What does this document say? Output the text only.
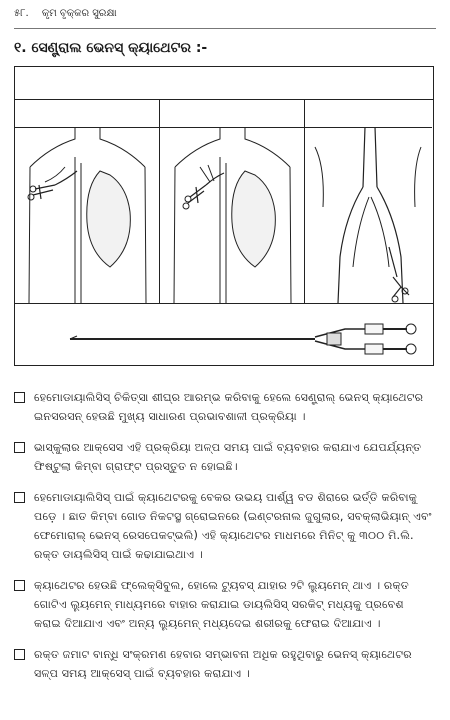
୫୮. କୃମ ବୃକ୍କର ସୁରକ୍ଷା
୧. ସେଣ୍ଟ୍ରାଲ ଭେନସ୍ କ୍ୟାଥେଟର :-
ହେମୋଡାୟାଲିସିସ୍ ଚିକିତ୍ସା ଶୀଘ୍ର ଆରମ୍ଭ କରିବାକୁ ହେଲେ ସେଣ୍ଟ୍ରାଲ୍ ଭେନସ୍ କ୍ୟାଥେଟର ଇନସରସନ୍ ହେଉଛି ମୁଖ୍ୟ ସାଧାରଣ ପ୍ରଭାବଶାଳୀ ପ୍ରକ୍ରିୟା ।
ଭାସ୍କୁଲାର ଆକ୍ସେସ ଏହି ପ୍ରକ୍ରିୟା ଅଳ୍ପ ସମୟ ପାଇଁ ବ୍ୟବହାର କରାଯାଏ ଯେପର୍ଯ୍ୟନ୍ତ ଫିଷ୍ଟୁଲା କିମ୍ବା ଗ୍ରାଫ୍ଟ ପ୍ରସ୍ତୁତ ନ ହୋଇଛି।
ହେମୋଡାୟାଲିସିସ୍ ପାଇଁ କ୍ୟାଥେଟରକୁ ବେକର ଉଭୟ ପାର୍ଶ୍ୱ ବଡ ଶିରାରେ ଭର୍ତ୍ତି କରିବାକୁ ପଡ଼େ । ଛାତ କିମ୍ବା ଗୋଡ ନିକଟସ୍ଥ ଗ୍ରୋଇନରେ (ଇଣ୍ଟରନାଲ ଜୁଗୁଲାର, ସବକ୍ଲାଭିୟାନ୍ ଏବଂ ଫେମୋରାଲ୍ ଭେନସ୍ ରେସପେକଟ୍ଭଲି) ଏହି କ୍ୟାଥେଟର ମାଧମରେ ମିନିଟ୍ କୁ ୩୦୦ ମି.ଲି. ରକ୍ତ ଡାୟଲିସିସ୍ ପାଇଁ କଢାଯାଇଥାଏ ।
କ୍ୟାଥେଟର ହେଉଛି ଫ୍ଲେକ୍ସିବୁଲ, ହୋଲେ ଟ୍ୟୁବସ୍ ଯାହାର ୨ଟି ଲ୍ୟୁମେନ୍ ଥାଏ । ରକ୍ତ ଗୋଟିଏ ଲ୍ୟୁମେନ୍ ମାଧ୍ୟମରେ ବାହାର କରାଯାଇ ଡାୟଲିସିସ୍ ସରକିଟ୍ ମଧ୍ୟକୁ ପ୍ରବେଶ କରାଇ ଦିଆଯାଏ ଏବଂ ଅନ୍ୟ ଲ୍ୟୁମେନ୍ ମଧ୍ୟଦେଇ ଶରୀରକୁ ଫେରାଇ ଦିଆଯାଏ ।
ରକ୍ତ ଜମାଟ ବାନ୍ଧି ସଂକ୍ରମଣ ହେବାର ସମ୍ଭାବନା ଅଧିକ ରହୁଥିବାରୁ ଭେନସ୍ କ୍ୟାଥେଟର ସଳ୍ପ ସମୟ ଆକ୍ସେସ୍ ପାଇଁ ବ୍ୟବହାର କରାଯାଏ ।
